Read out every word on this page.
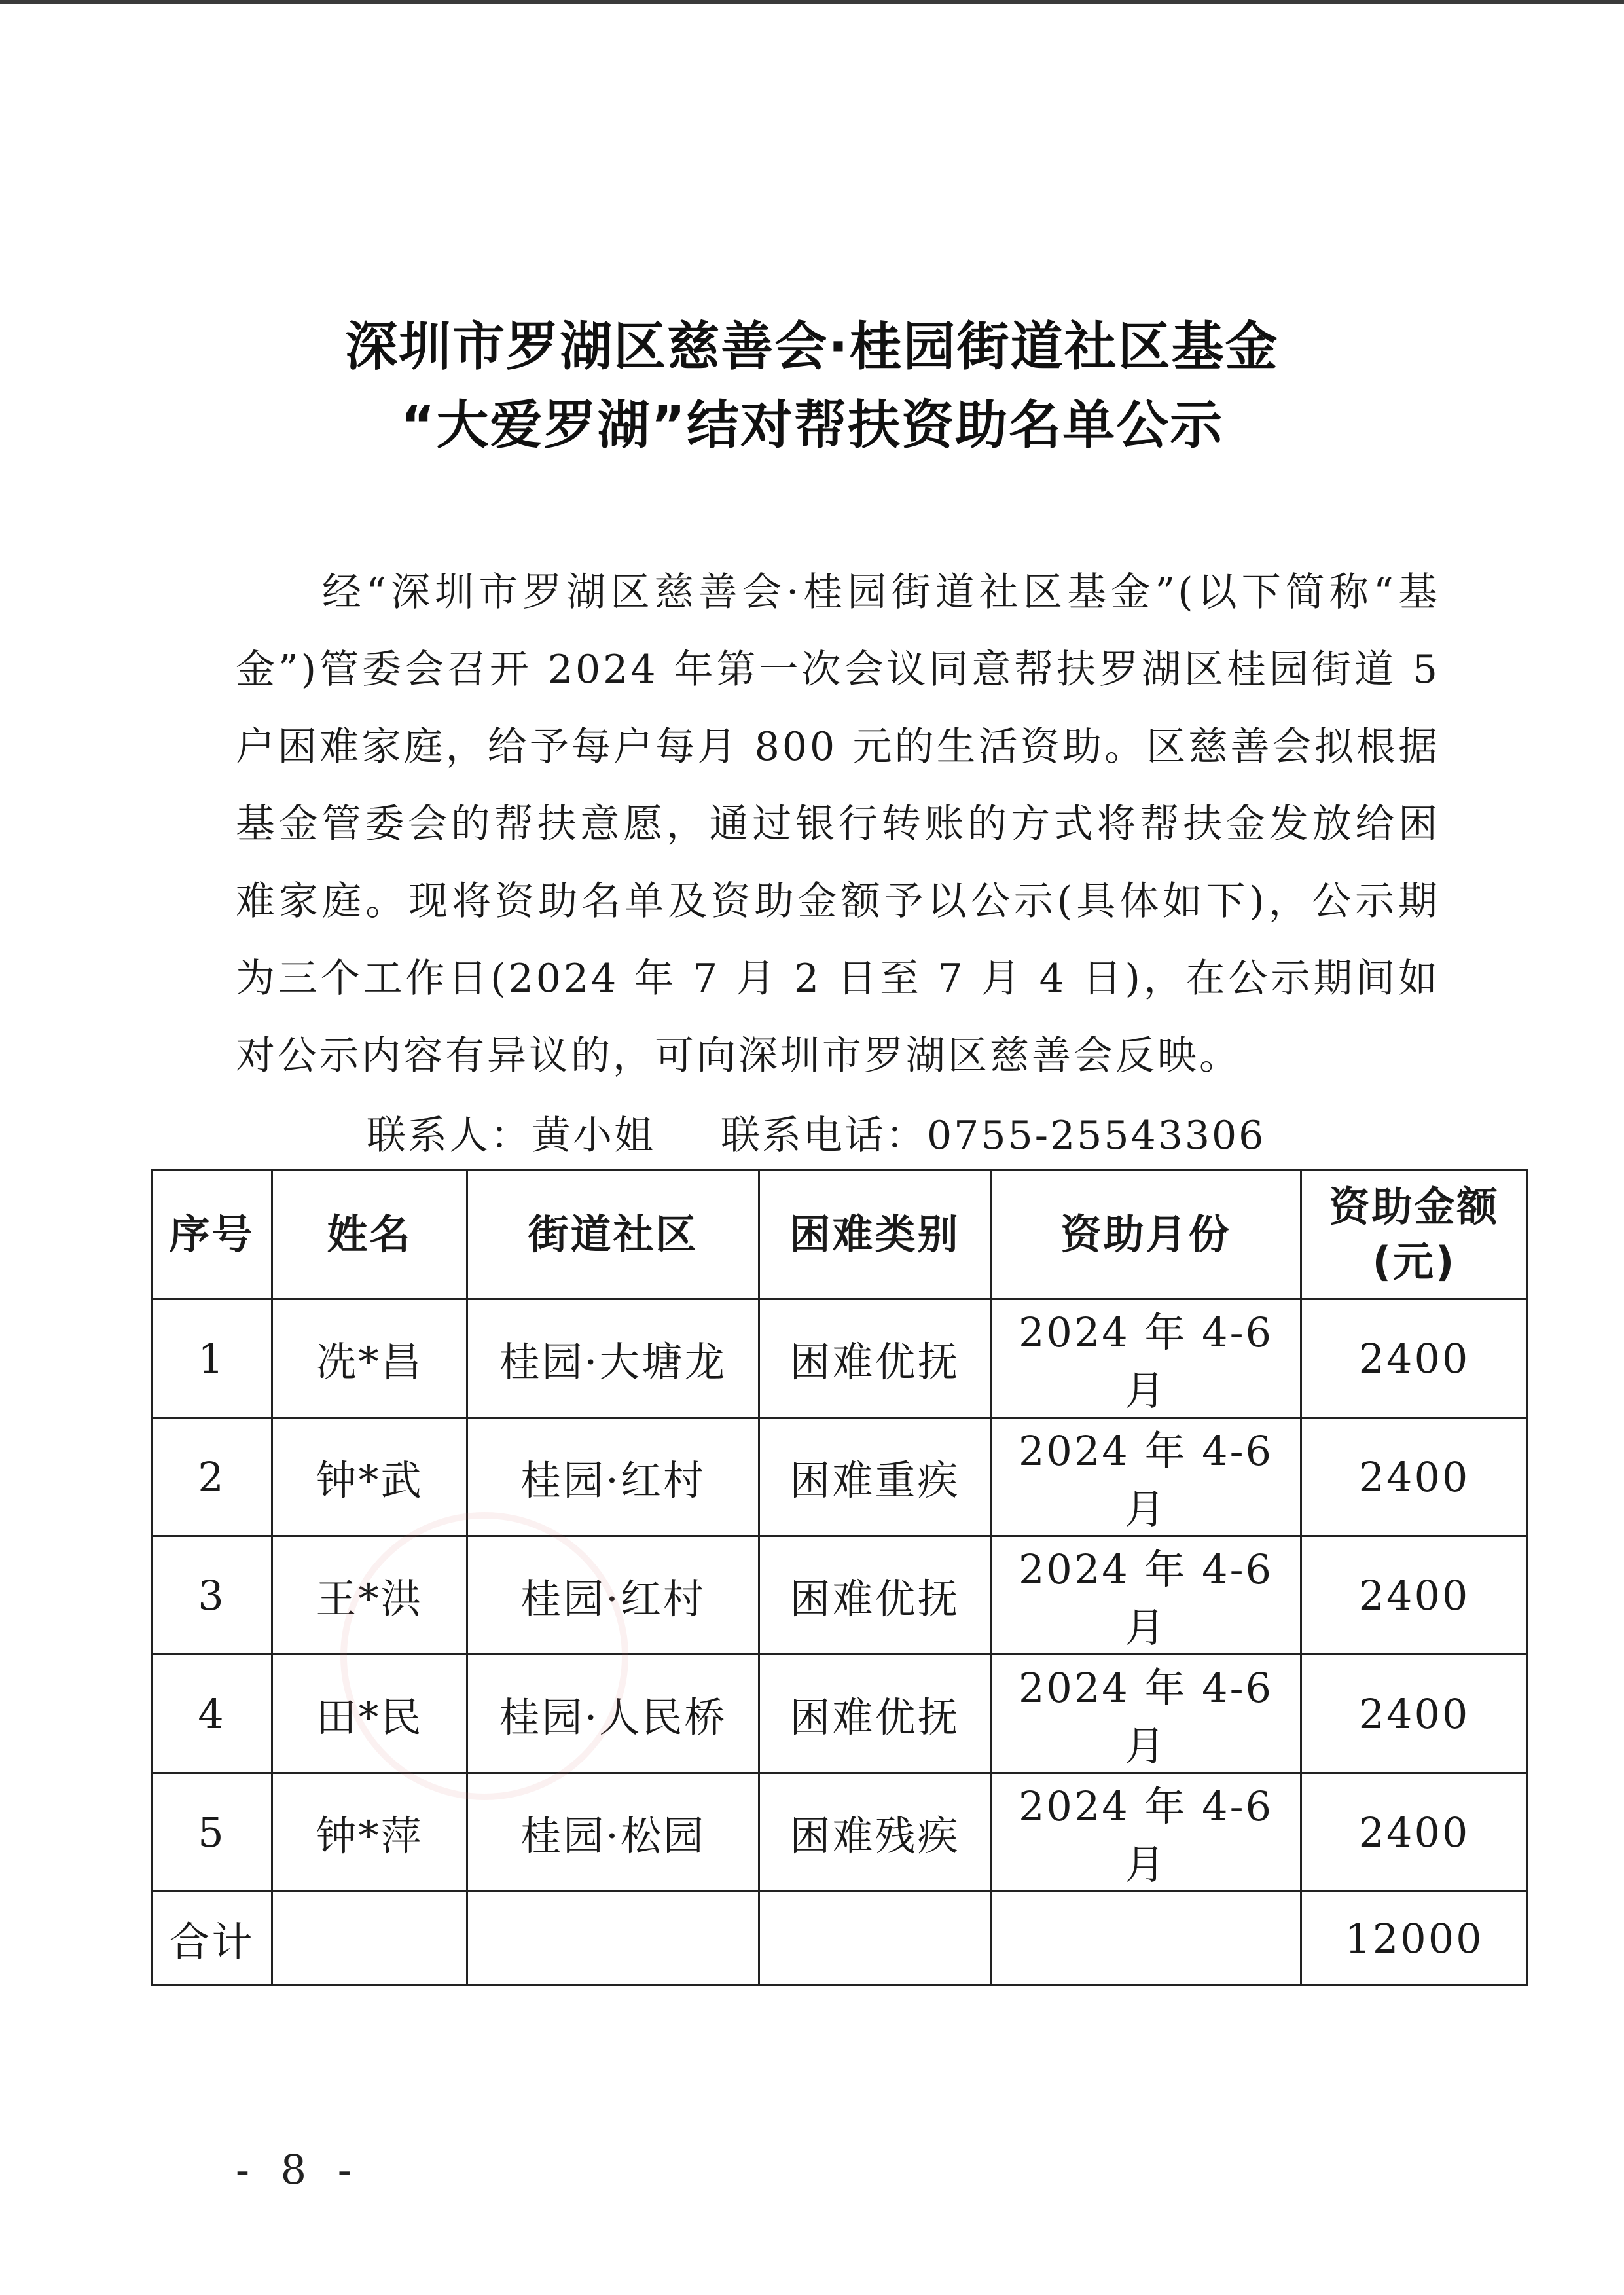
深圳市罗湖区慈善会·桂园街道社区基金
“大爱罗湖”结对帮扶资助名单公示
经“深圳市罗湖区慈善会·桂园街道社区基金”(以下简称“基金”)管委会召开 2024 年第一次会议同意帮扶罗湖区桂园街道 5 户困难家庭，给予每户每月 800 元的生活资助。区慈善会拟根据基金管委会的帮扶意愿，通过银行转账的方式将帮扶金发放给困难家庭。现将资助名单及资助金额予以公示(具体如下)，公示期为三个工作日(2024 年 7 月 2 日至 7 月 4 日)，在公示期间如对公示内容有异议的，可向深圳市罗湖区慈善会反映。
联系人：黄小姐 联系电话：0755-25543306
序号	姓名	街道社区	困难类别	资助月份	资助金额
(元)

1	冼*昌	桂园·大塘龙	困难优抚	2024 年 4-6 月	2400
2	钟*武	桂园·红村	困难重疾	2024 年 4-6 月	2400
3	王*洪	桂园·红村	困难优抚	2024 年 4-6 月	2400
4	田*民	桂园·人民桥	困难优抚	2024 年 4-6 月	2400
5	钟*萍	桂园·松园	困难残疾	2024 年 4-6 月	2400
合计					12000
- 8 -
